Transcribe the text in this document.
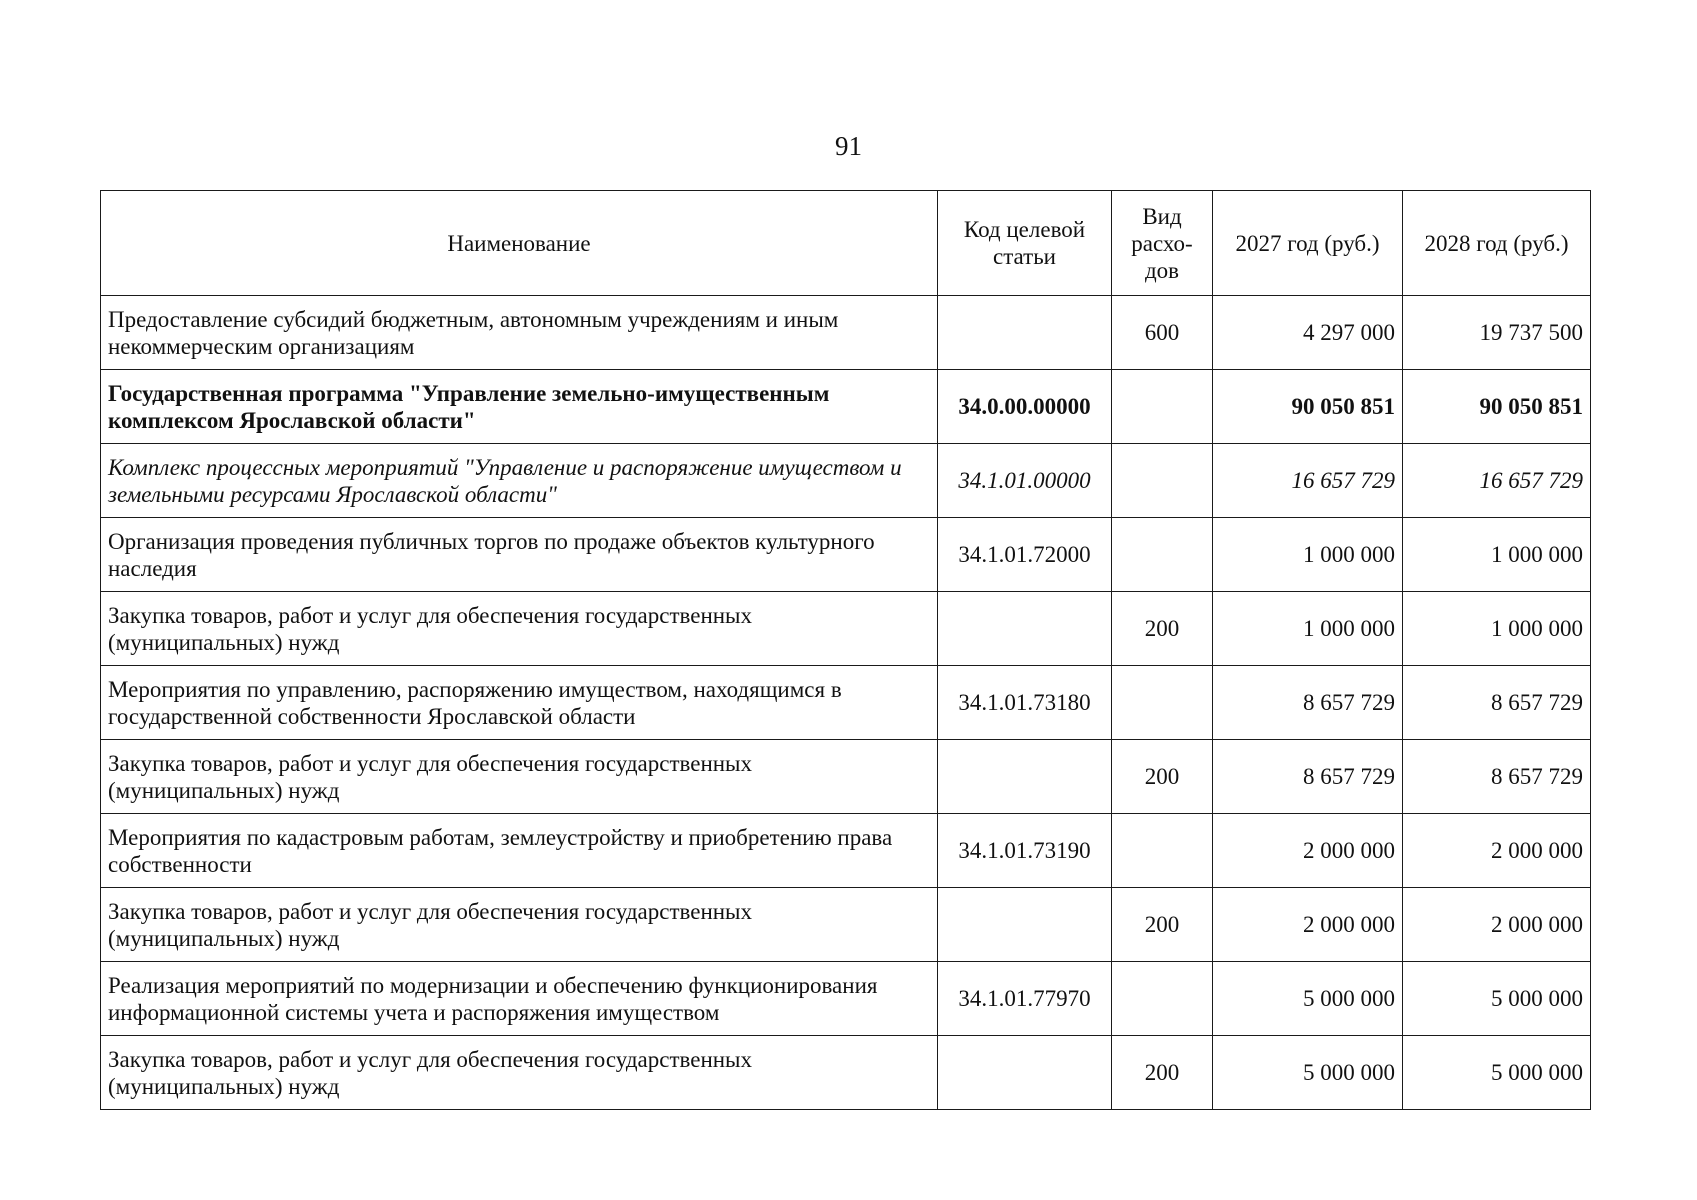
91
Наименование	Код целевой статьи	Вид расхо-дов	2027 год (руб.)	2028 год (руб.)
Предоставление субсидий бюджетным, автономным учреждениям и иным некоммерческим организациям		600	4 297 000	19 737 500
Государственная программа "Управление земельно-имущественным комплексом Ярославской области"	34.0.00.00000		90 050 851	90 050 851
Комплекс процессных мероприятий "Управление и распоряжение имуществом и земельными ресурсами Ярославской области"	34.1.01.00000		16 657 729	16 657 729
Организация проведения публичных торгов по продаже объектов культурного наследия	34.1.01.72000		1 000 000	1 000 000
Закупка товаров, работ и услуг для обеспечения государственных (муниципальных) нужд		200	1 000 000	1 000 000
Мероприятия по управлению, распоряжению имуществом, находящимся в государственной собственности Ярославской области	34.1.01.73180		8 657 729	8 657 729
Закупка товаров, работ и услуг для обеспечения государственных (муниципальных) нужд		200	8 657 729	8 657 729
Мероприятия по кадастровым работам, землеустройству и приобретению права собственности	34.1.01.73190		2 000 000	2 000 000
Закупка товаров, работ и услуг для обеспечения государственных (муниципальных) нужд		200	2 000 000	2 000 000
Реализация мероприятий по модернизации и обеспечению функционирования информационной системы учета и распоряжения имуществом	34.1.01.77970		5 000 000	5 000 000
Закупка товаров, работ и услуг для обеспечения государственных (муниципальных) нужд		200	5 000 000	5 000 000
